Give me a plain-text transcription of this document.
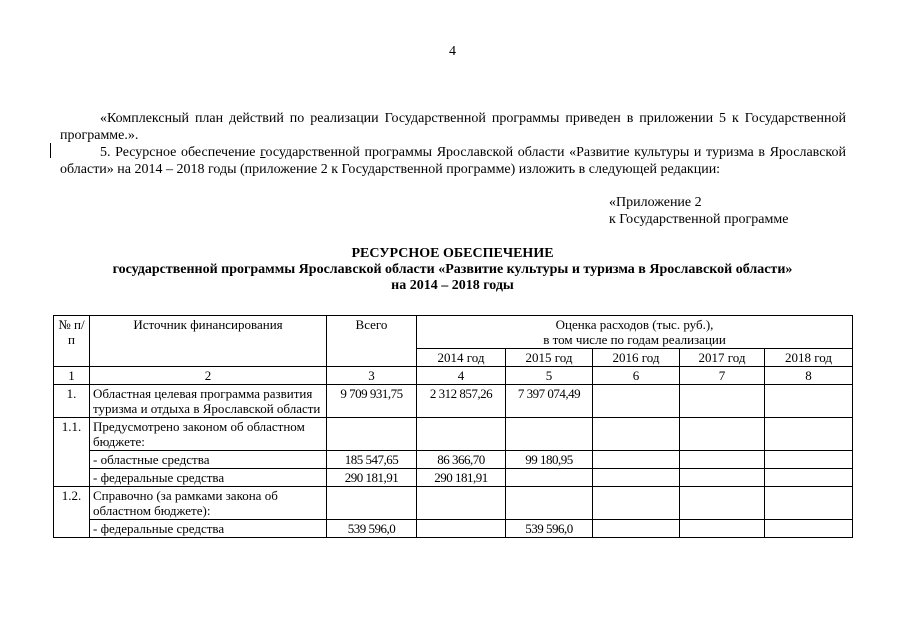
4
«Комплексный план действий по реализации Государственной программы приведен в приложении 5 к Государственной программе.».
5. Ресурсное обеспечение государственной программы Ярославской области «Развитие культуры и туризма в Ярославской области» на 2014 – 2018 годы (приложение 2 к Государственной программе) изложить в следующей редакции:
«Приложение 2
к Государственной программе
РЕСУРСНОЕ ОБЕСПЕЧЕНИЕ
государственной программы Ярославской области «Развитие культуры и туризма в Ярославской области»
на 2014 – 2018 годы
№ п/п	Источник финансирования	Всего	Оценка расходов (тыс. руб.),
в том числе по годам реализации				

			2014 год	2015 год	2016 год	2017 год	2018 год
1	2	3	4	5	6	7	8
1.	Областная целевая программа развития туризма и отдыха в Ярославской области	9 709 931,75	2 312 857,26	7 397 074,49			
1.1.	Предусмотрено законом об областном бюджете:						
	- областные средства	185 547,65	86 366,70	99 180,95			
	- федеральные средства	290 181,91	290 181,91				
1.2.	Справочно (за рамками закона об областном бюджете):						
	- федеральные средства	539 596,0		539 596,0			
